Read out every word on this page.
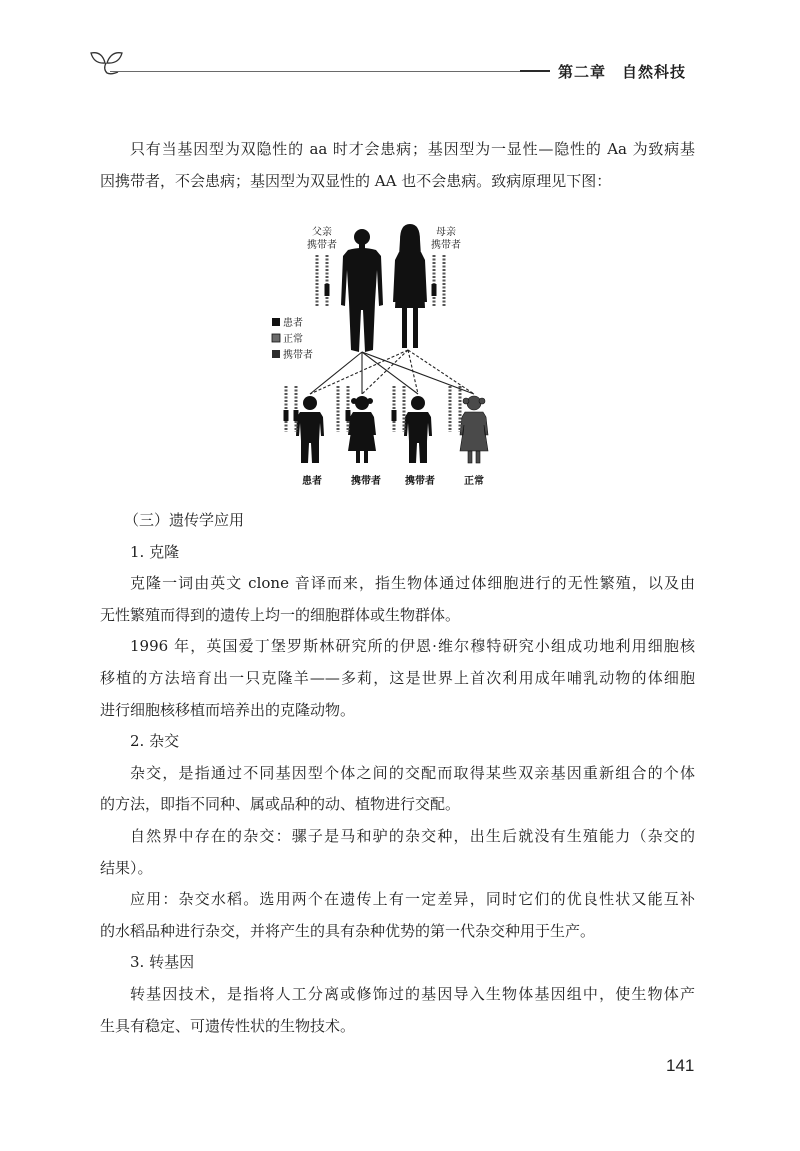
第二章　自然科技
只有当基因型为双隐性的 aa 时才会患病；基因型为一显性—隐性的 Aa 为致病基
因携带者，不会患病；基因型为双显性的 AA 也不会患病。致病原理见下图：
父亲
携带者
母亲
携带者
患者
正常
携带者
患者	携带者 携带者	正常
（三）遗传学应用
1. 克隆
克隆一词由英文 clone 音译而来，指生物体通过体细胞进行的无性繁殖，以及由
无性繁殖而得到的遗传上均一的细胞群体或生物群体。
1996 年，英国爱丁堡罗斯林研究所的伊恩·维尔穆特研究小组成功地利用细胞核
移植的方法培育出一只克隆羊——多莉，这是世界上首次利用成年哺乳动物的体细胞
进行细胞核移植而培养出的克隆动物。
2. 杂交
杂交，是指通过不同基因型个体之间的交配而取得某些双亲基因重新组合的个体
的方法，即指不同种、属或品种的动、植物进行交配。
自然界中存在的杂交：骡子是马和驴的杂交种，出生后就没有生殖能力（杂交的
结果）。
应用：杂交水稻。选用两个在遗传上有一定差异，同时它们的优良性状又能互补
的水稻品种进行杂交，并将产生的具有杂种优势的第一代杂交种用于生产。
3. 转基因
转基因技术，是指将人工分离或修饰过的基因导入生物体基因组中，使生物体产
生具有稳定、可遗传性状的生物技术。
141
